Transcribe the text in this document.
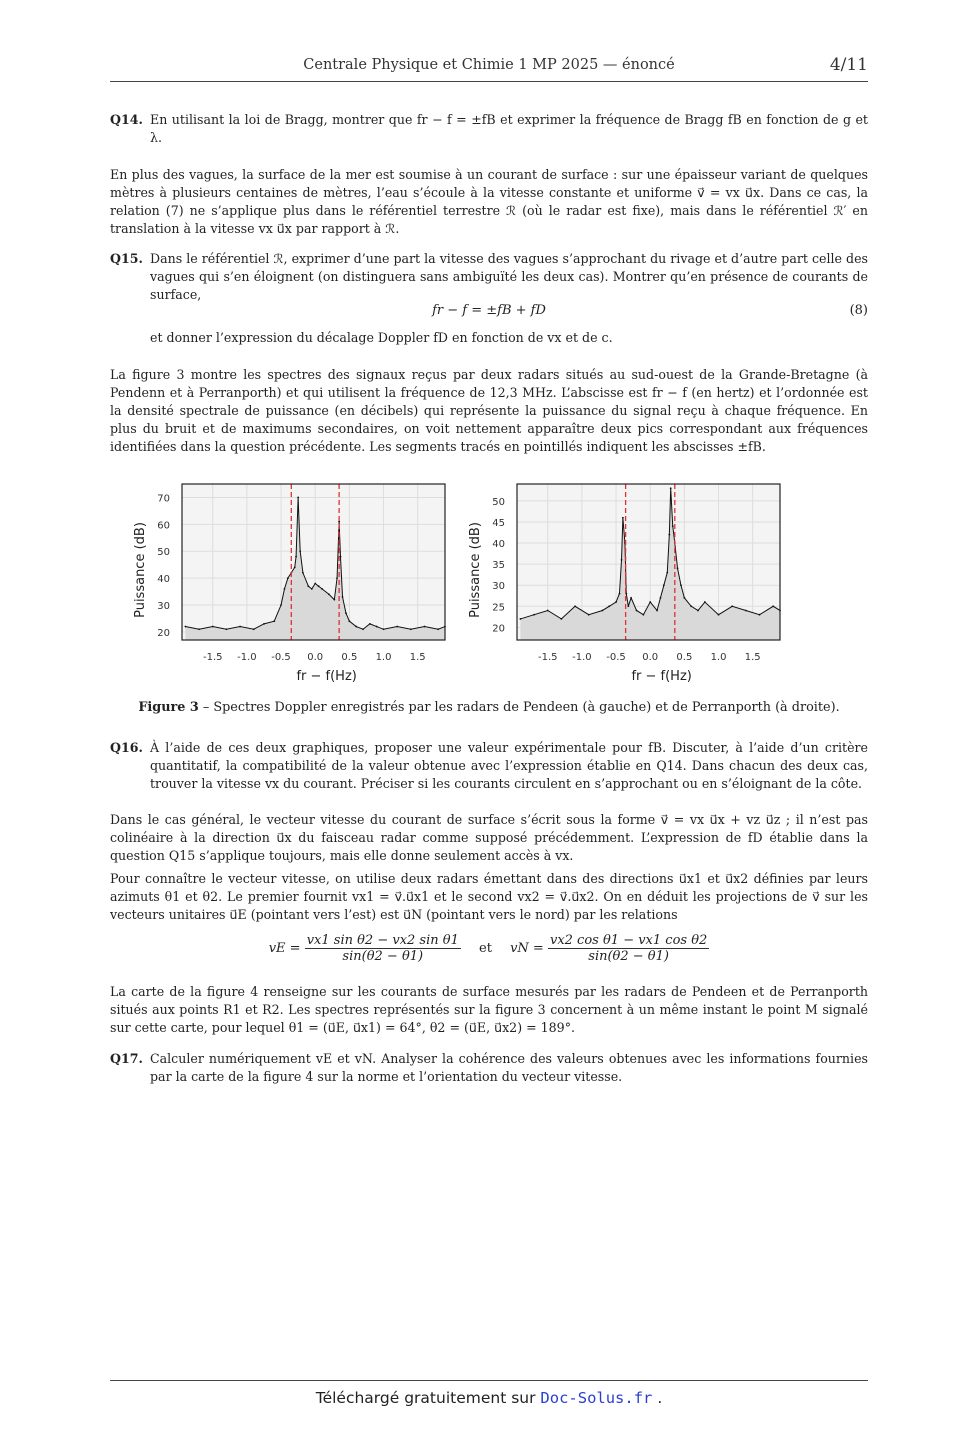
Centrale Physique et Chimie 1 MP 2025 — énoncé	4/11
Q14. En utilisant la loi de Bragg, montrer que fr − f = ±fB et exprimer la fréquence de Bragg fB en fonction de g et λ.
En plus des vagues, la surface de la mer est soumise à un courant de surface : sur une épaisseur variant de quelques mètres à plusieurs centaines de mètres, l’eau s’écoule à la vitesse constante et uniforme v⃗ = vx u⃗x. Dans ce cas, la relation (7) ne s’applique plus dans le référentiel terrestre ℛ (où le radar est fixe), mais dans le référentiel ℛ′ en translation à la vitesse vx u⃗x par rapport à ℛ.
Q15. Dans le référentiel ℛ, exprimer d’une part la vitesse des vagues s’approchant du rivage et d’autre part celle des vagues qui s’en éloignent (on distinguera sans ambiguïté les deux cas). Montrer qu’en présence de courants de surface,
fr − f = ±fB + fD	(8)
et donner l’expression du décalage Doppler fD en fonction de vx et de c.
La figure 3 montre les spectres des signaux reçus par deux radars situés au sud-ouest de la Grande-Bretagne (à Pendenn et à Perranporth) et qui utilisent la fréquence de 12,3 MHz. L’abscisse est fr − f (en hertz) et l’ordonnée est la densité spectrale de puissance (en décibels) qui représente la puissance du signal reçu à chaque fréquence. En plus du bruit et de maximums secondaires, on voit nettement apparaître deux pics correspondant aux fréquences identifiées dans la question précédente. Les segments tracés en pointillés indiquent les abscisses ±fB.
-1.5 -1.0 -0.5 0.0 0.5 1.0 1.5
20
30
40
50
60
70
fr − f(Hz)
Puissance (dB)
-1.5 -1.0 -0.5 0.0 0.5 1.0 1.5
20
25
30
35
40
45
50
fr − f(Hz)
Puissance (dB)
Figure 3 – Spectres Doppler enregistrés par les radars de Pendeen (à gauche) et de Perranporth (à droite).
Q16. À l’aide de ces deux graphiques, proposer une valeur expérimentale pour fB. Discuter, à l’aide d’un critère quantitatif, la compatibilité de la valeur obtenue avec l’expression établie en Q14. Dans chacun des deux cas, trouver la vitesse vx du courant. Préciser si les courants circulent en s’approchant ou en s’éloignant de la côte.
Dans le cas général, le vecteur vitesse du courant de surface s’écrit sous la forme v⃗ = vx u⃗x + vz u⃗z ; il n’est pas colinéaire à la direction u⃗x du faisceau radar comme supposé précédemment. L’expression de fD établie dans la question Q15 s’applique toujours, mais elle donne seulement accès à vx.
Pour connaître le vecteur vitesse, on utilise deux radars émettant dans des directions u⃗x1 et u⃗x2 définies par leurs azimuts θ1 et θ2. Le premier fournit vx1 = v⃗.u⃗x1 et le second vx2 = v⃗.u⃗x2. On en déduit les projections de v⃗ sur les vecteurs unitaires u⃗E (pointant vers l’est) est u⃗N (pointant vers le nord) par les relations
vE = $\frac{\text{vx1 sin θ2 − vx2 sin θ1}}{\sin(\theta 2 - \theta 1)}$ et vN = $\frac{\text{vx2 cos θ1 − vx1 cos θ2}}{\sin(\theta 2 - \theta 1)}$
La carte de la figure 4 renseigne sur les courants de surface mesurés par les radars de Pendeen et de Perranporth situés aux points R1 et R2. Les spectres représentés sur la figure 3 concernent à un même instant le point M signalé sur cette carte, pour lequel θ1 = (u⃗E, u⃗x1) = 64°, θ2 = (u⃗E, u⃗x2) = 189°.
Q17. Calculer numériquement vE et vN. Analyser la cohérence des valeurs obtenues avec les informations fournies par la carte de la figure 4 sur la norme et l’orientation du vecteur vitesse.
Téléchargé gratuitement sur Doc-Solus.fr .
